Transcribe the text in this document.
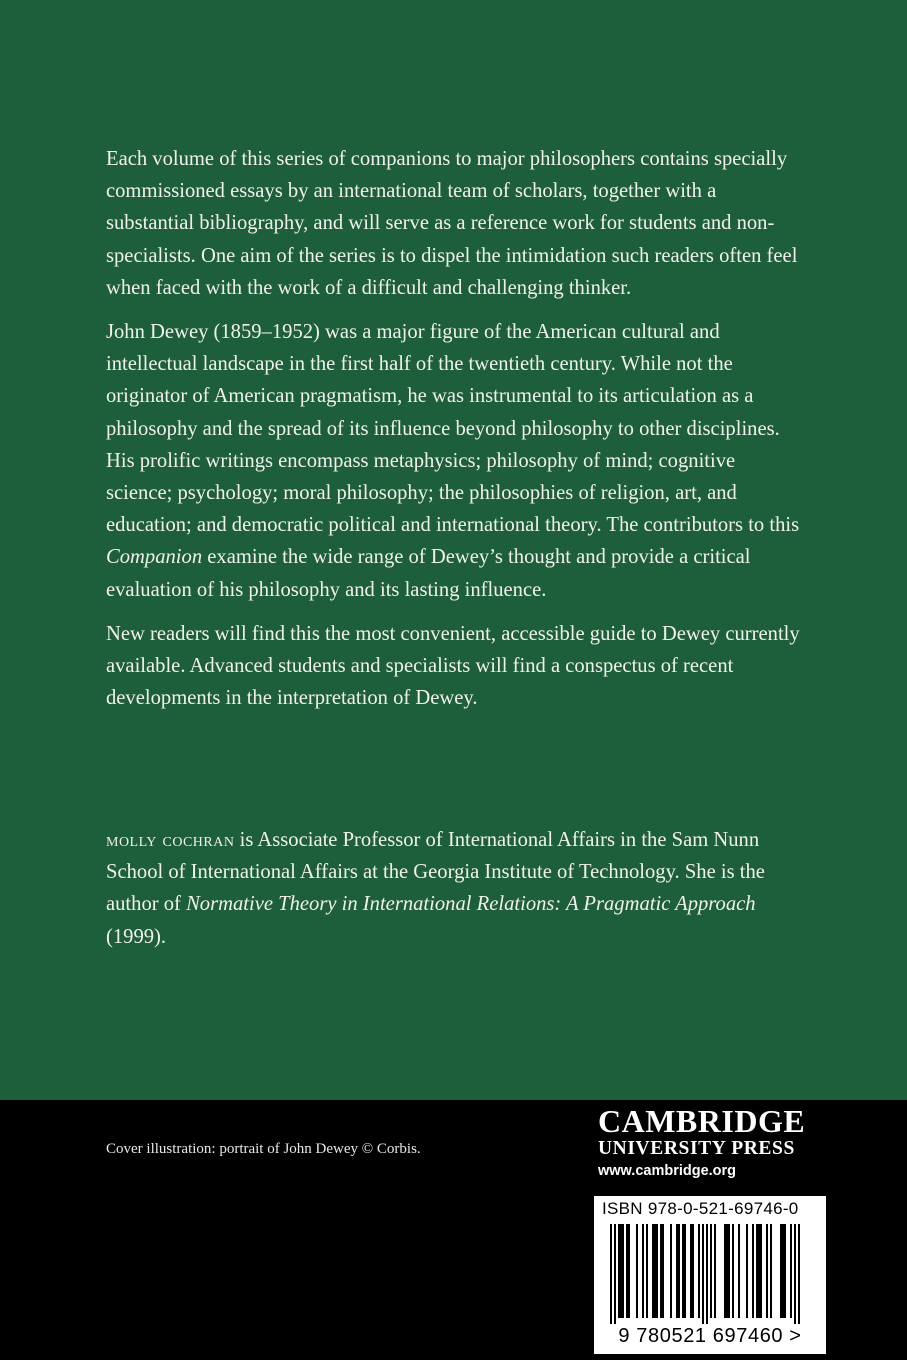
Each volume of this series of companions to major philosophers contains specially commissioned essays by an international team of scholars, together with a substantial bibliography, and will serve as a reference work for students and non-specialists. One aim of the series is to dispel the intimidation such readers often feel when faced with the work of a difficult and challenging thinker.

John Dewey (1859–1952) was a major figure of the American cultural and intellectual landscape in the first half of the twentieth century. While not the originator of American pragmatism, he was instrumental to its articulation as a philosophy and the spread of its influence beyond philosophy to other disciplines. His prolific writings encompass metaphysics; philosophy of mind; cognitive science; psychology; moral philosophy; the philosophies of religion, art, and education; and democratic political and international theory. The contributors to this Companion examine the wide range of Dewey’s thought and provide a critical evaluation of his philosophy and its lasting influence.

New readers will find this the most convenient, accessible guide to Dewey currently available. Advanced students and specialists will find a conspectus of recent developments in the interpretation of Dewey.

molly cochran is Associate Professor of International Affairs in the Sam Nunn School of International Affairs at the Georgia Institute of Technology. She is the author of Normative Theory in International Relations: A Pragmatic Approach (1999).

Cover illustration: portrait of John Dewey © Corbis.
CAMBRIDGE
UNIVERSITY PRESS
www.cambridge.org
ISBN 978-0-521-69746-0
9 780521 697460 >
